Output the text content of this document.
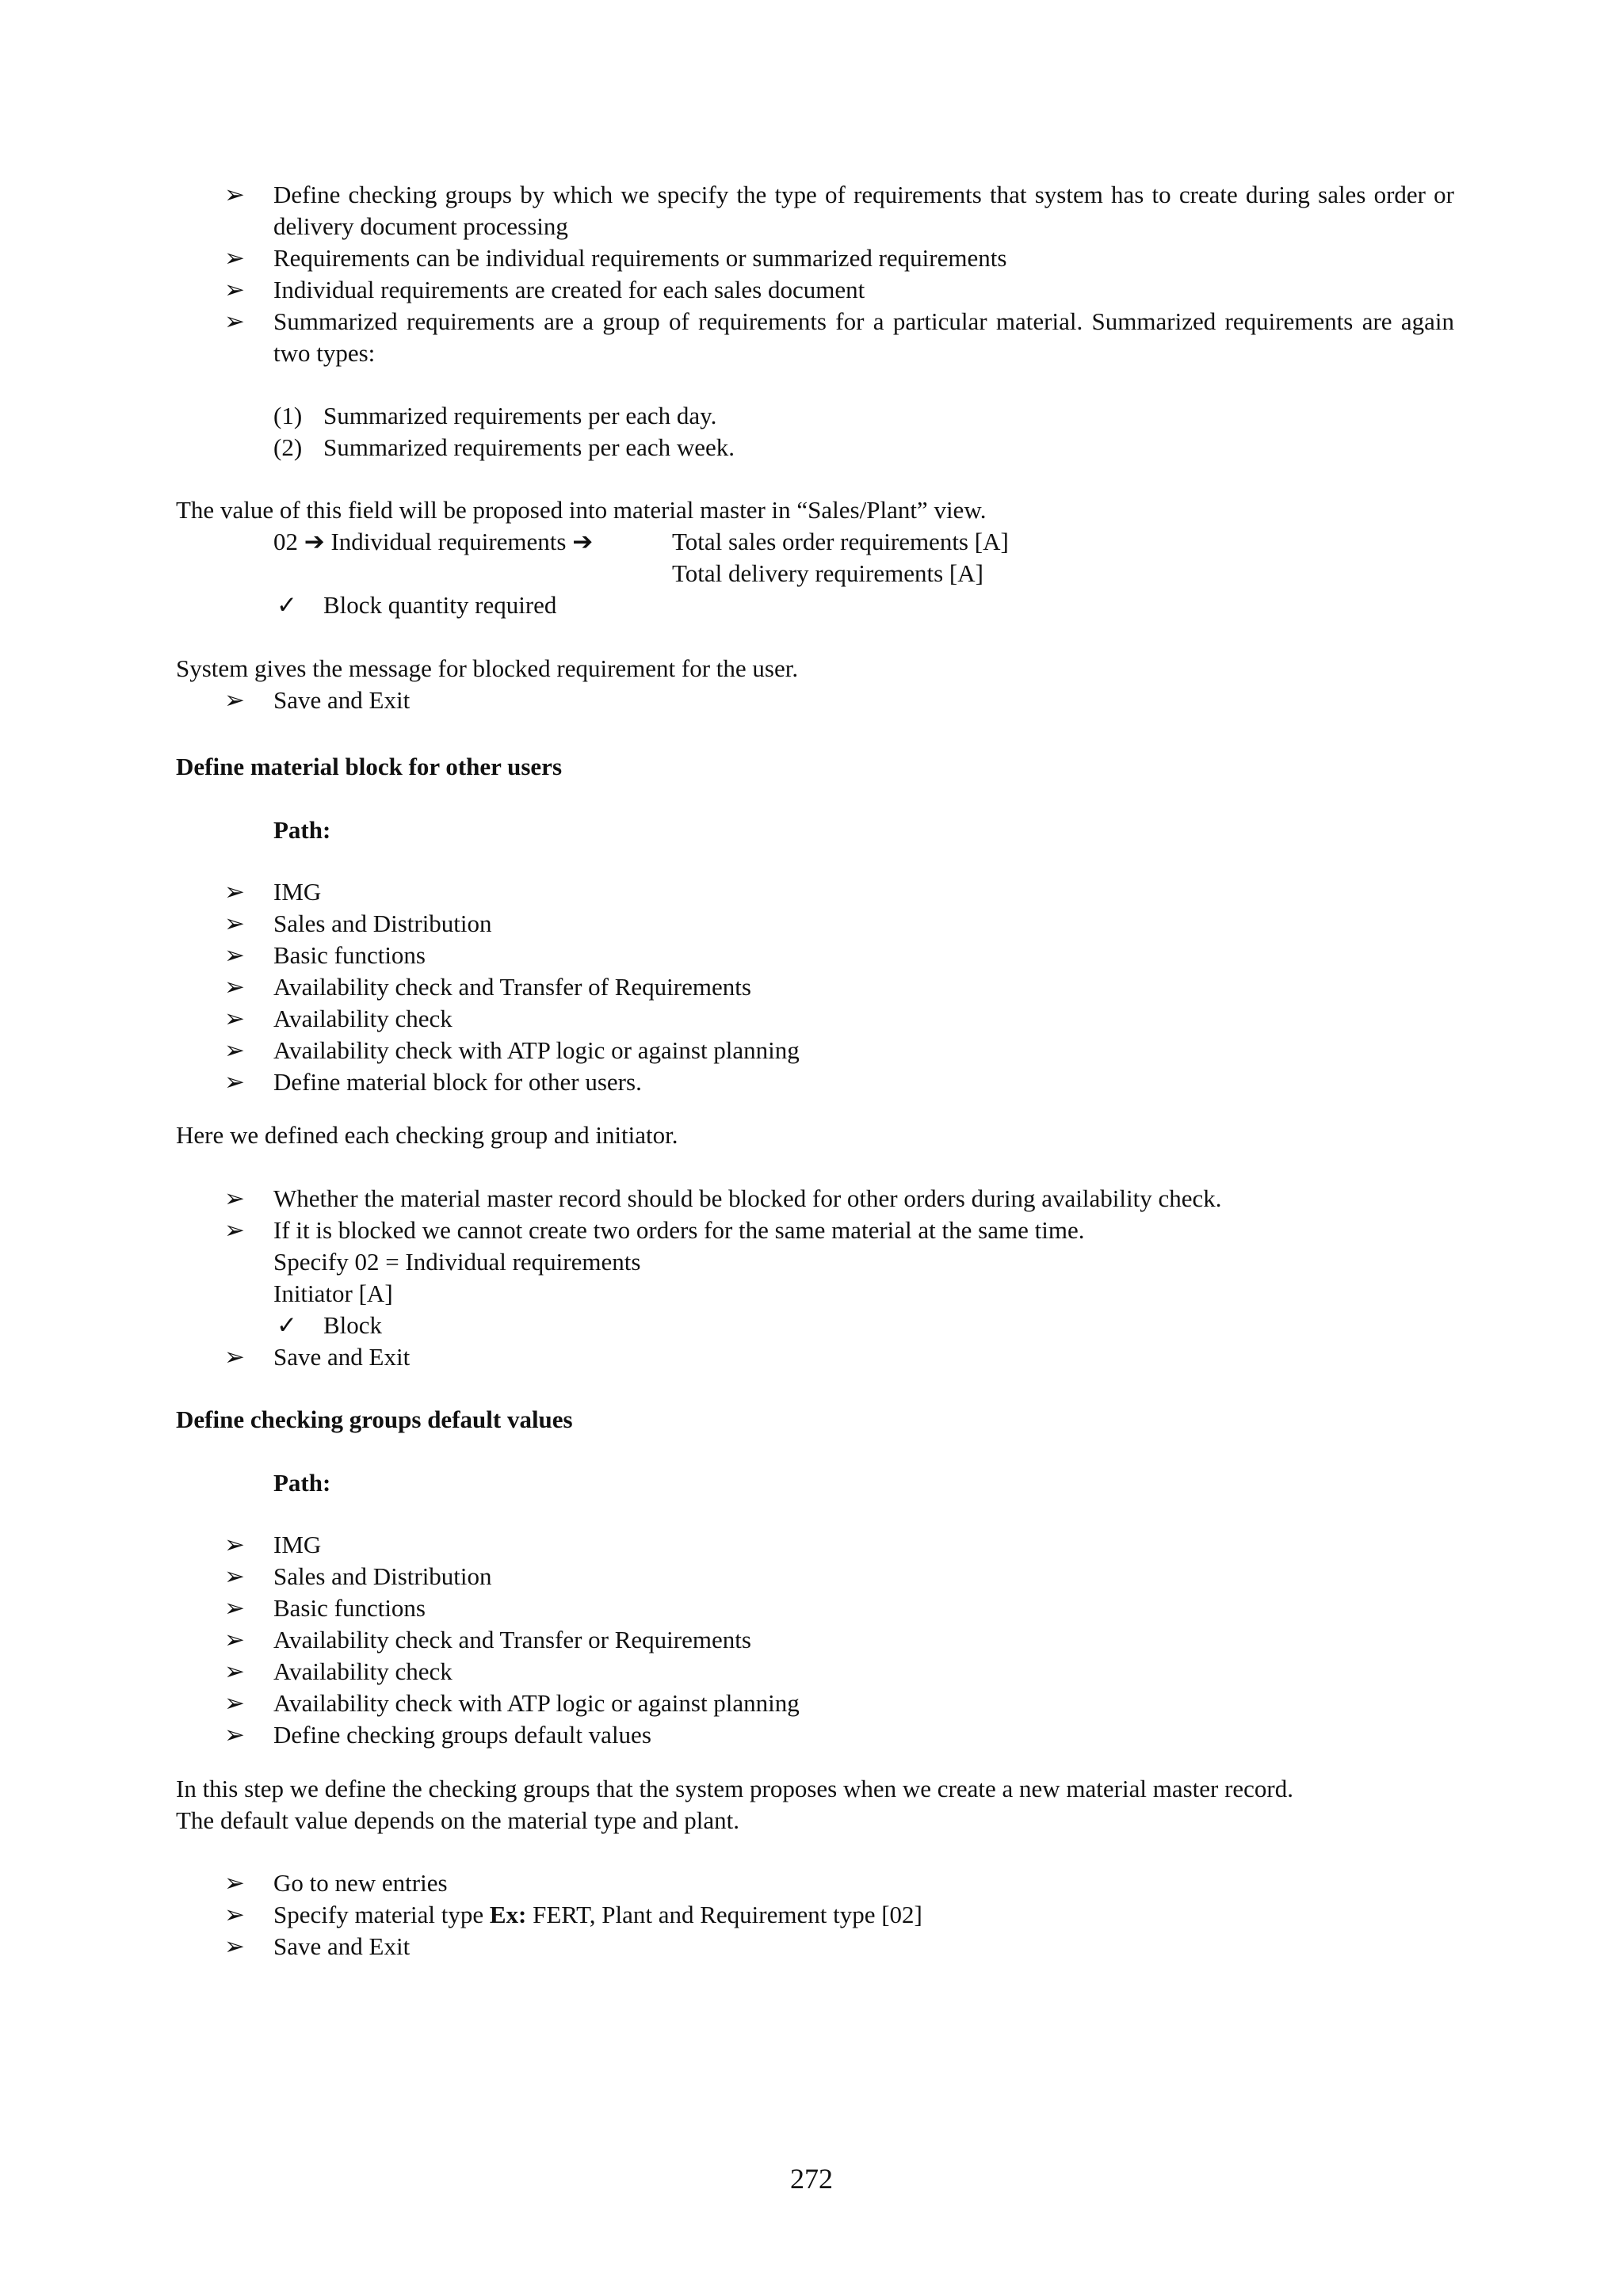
➢	Define checking groups by which we specify the type of requirements that system has to create during sales order or delivery document processing
➢	Requirements can be individual requirements or summarized requirements
➢	Individual requirements are created for each sales document
➢	Summarized requirements are a group of requirements for a particular material. Summarized requirements are again two types:
(1) Summarized requirements per each day.
(2) Summarized requirements per each week.
The value of this field will be proposed into material master in “Sales/Plant” view.
02 ➔ Individual requirements ➔	Total sales order requirements [A]
Total delivery requirements [A]
✓ Block quantity required
System gives the message for blocked requirement for the user.
➢	Save and Exit
Define material block for other users
Path:
➢	IMG
➢	Sales and Distribution
➢	Basic functions
➢	Availability check and Transfer of Requirements
➢	Availability check
➢	Availability check with ATP logic or against planning
➢	Define material block for other users.
Here we defined each checking group and initiator.
➢	Whether the material master record should be blocked for other orders during availability check.
➢	If it is blocked we cannot create two orders for the same material at the same time.
Specify 02 = Individual requirements
Initiator [A]
✓ Block
➢	Save and Exit
Define checking groups default values
Path:
➢	IMG
➢	Sales and Distribution
➢	Basic functions
➢	Availability check and Transfer or Requirements
➢	Availability check
➢	Availability check with ATP logic or against planning
➢	Define checking groups default values
In this step we define the checking groups that the system proposes when we create a new material master record.
The default value depends on the material type and plant.
➢	Go to new entries
➢	Specify material type Ex: FERT, Plant and Requirement type [02]
➢	Save and Exit
272
